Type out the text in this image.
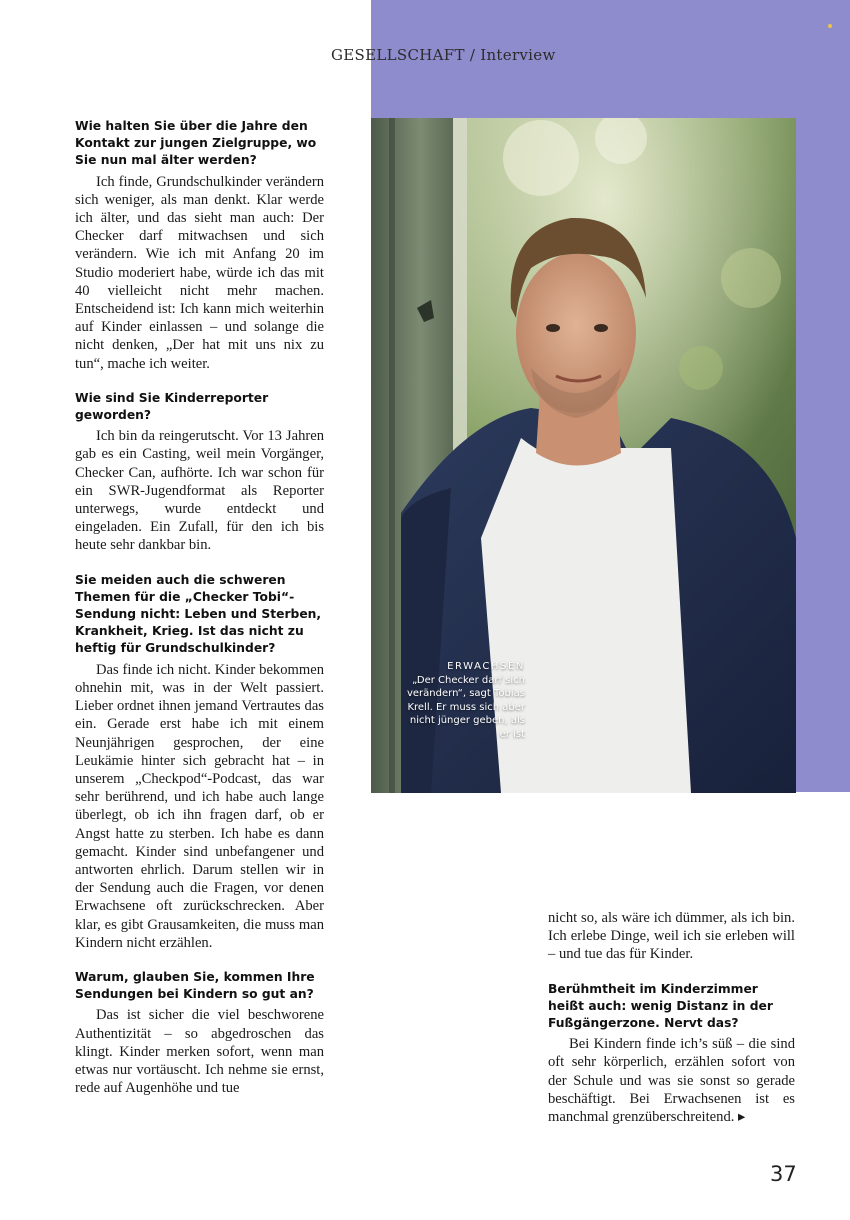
GESELLSCHAFT / Interview
ERWACHSEN
„Der Checker darf sich verändern“, sagt Tobias Krell. Er muss sich aber nicht jünger geben, als er ist
Wie halten Sie über die Jahre den Kontakt zur jungen Zielgruppe, wo Sie nun mal älter werden?
Ich finde, Grundschulkinder verändern sich weniger, als man denkt. Klar werde ich älter, und das sieht man auch: Der Checker darf mitwachsen und sich verändern. Wie ich mit Anfang 20 im Studio moderiert habe, würde ich das mit 40 vielleicht nicht mehr machen. Entscheidend ist: Ich kann mich weiterhin auf Kinder einlassen – und solange die nicht denken, „Der hat mit uns nix zu tun“, mache ich weiter.
Wie sind Sie Kinderreporter geworden?
Ich bin da reingerutscht. Vor 13 Jahren gab es ein Casting, weil mein Vorgänger, Checker Can, aufhörte. Ich war schon für ein SWR-Jugendformat als Reporter unterwegs, wurde entdeckt und eingeladen. Ein Zufall, für den ich bis heute sehr dankbar bin.
Sie meiden auch die schweren Themen für die „Checker Tobi“-Sendung nicht: Leben und Sterben, Krankheit, Krieg. Ist das nicht zu heftig für Grundschulkinder?
Das finde ich nicht. Kinder bekommen ohnehin mit, was in der Welt passiert. Lieber ordnet ihnen jemand Vertrautes das ein. Gerade erst habe ich mit einem Neunjährigen gesprochen, der eine Leukämie hinter sich gebracht hat – in unserem „Checkpod“-Podcast, das war sehr berührend, und ich habe auch lange überlegt, ob ich ihn fragen darf, ob er Angst hatte zu sterben. Ich habe es dann gemacht. Kinder sind unbefangener und antworten ehrlich. Darum stellen wir in der Sendung auch die Fragen, vor denen Erwachsene oft zurückschrecken. Aber klar, es gibt Grausamkeiten, die muss man Kindern nicht erzählen.
Warum, glauben Sie, kommen Ihre Sendungen bei Kindern so gut an?
Das ist sicher die viel beschworene Authentizität – so abgedroschen das klingt. Kinder merken sofort, wenn man etwas nur vortäuscht. Ich nehme sie ernst, rede auf Augenhöhe und tue
nicht so, als wäre ich dümmer, als ich bin. Ich erlebe Dinge, weil ich sie erleben will – und tue das für Kinder.
Berühmtheit im Kinderzimmer heißt auch: wenig Distanz in der Fußgängerzone. Nervt das?
Bei Kindern finde ich’s süß – die sind oft sehr körperlich, erzählen sofort von der Schule und was sie sonst so gerade beschäftigt. Bei Erwachsenen ist es manchmal grenzüberschreitend. ▸
37
